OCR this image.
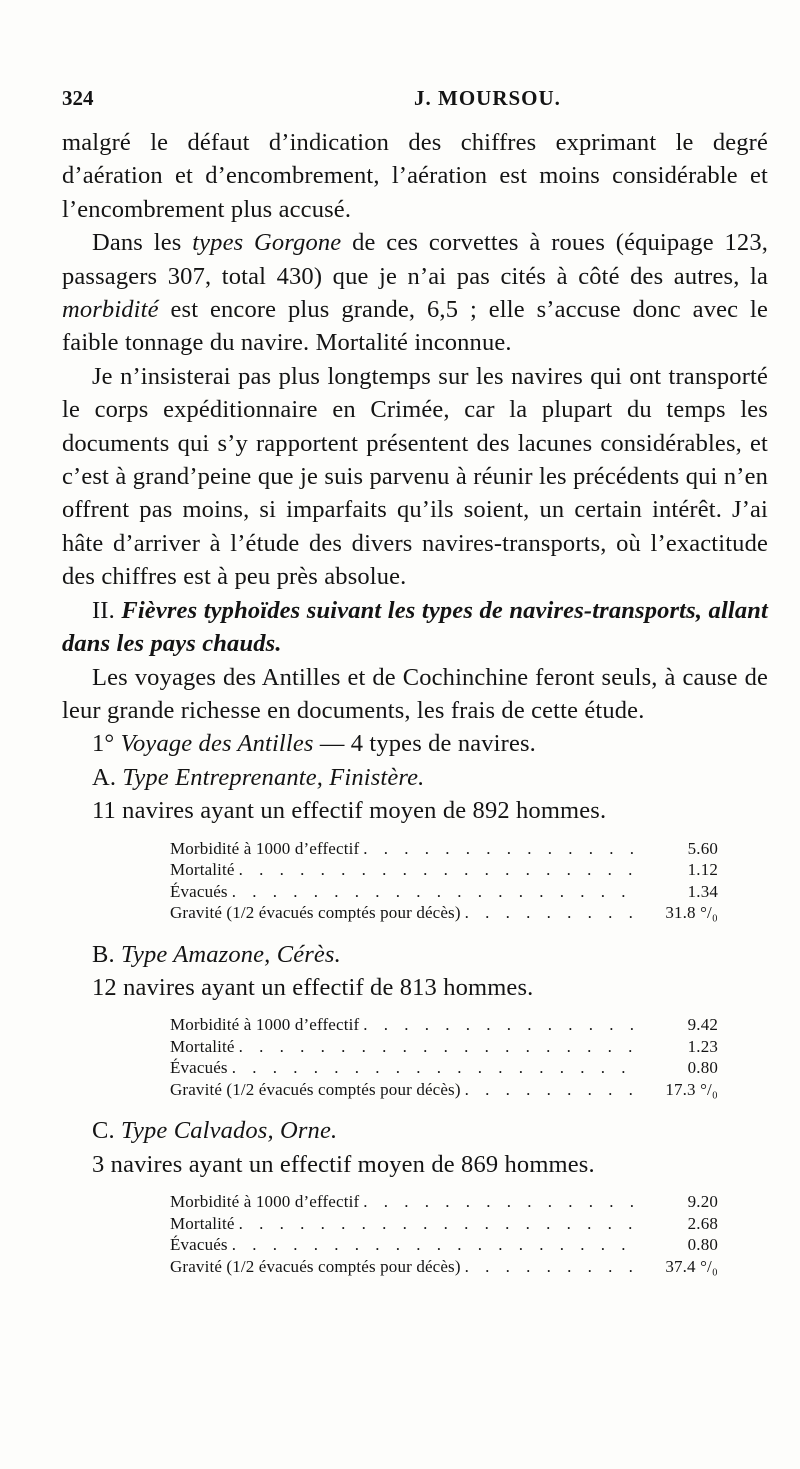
324	J. MOURSOU.

malgré le défaut d’indication des chiffres exprimant le degré d’aération et d’encombrement, l’aération est moins considérable et l’encombrement plus accusé.

Dans les types Gorgone de ces corvettes à roues (équipage 123, passagers 307, total 430) que je n’ai pas cités à côté des autres, la morbidité est encore plus grande, 6,5 ; elle s’accuse donc avec le faible tonnage du navire. Mortalité inconnue.

Je n’insisterai pas plus longtemps sur les navires qui ont transporté le corps expéditionnaire en Crimée, car la plupart du temps les documents qui s’y rapportent présentent des lacunes considérables, et c’est à grand’peine que je suis parvenu à réunir les précédents qui n’en offrent pas moins, si imparfaits qu’ils soient, un certain intérêt. J’ai hâte d’arriver à l’étude des divers navires-transports, où l’exactitude des chiffres est à peu près absolue.

II. Fièvres typhoïdes suivant les types de navires-transports, allant dans les pays chauds.

Les voyages des Antilles et de Cochinchine feront seuls, à cause de leur grande richesse en documents, les frais de cette étude.

1° Voyage des Antilles — 4 types de navires.

A. Type Entreprenante, Finistère.

11 navires ayant un effectif moyen de 892 hommes.

Morbidité à 1000 d’effectif . . .	5.60
Mortalité . . .	1.12
Évacués . . .	1.34
Gravité (1/2 évacués comptés pour décès) . . .	31.8 °/₀

B. Type Amazone, Cérès.

12 navires ayant un effectif de 813 hommes.

Morbidité à 1000 d’effectif . . .	9.42
Mortalité . . .	1.23
Évacués . . .	0.80
Gravité (1/2 évacués comptés pour décès) . . .	17.3 °/₀

C. Type Calvados, Orne.

3 navires ayant un effectif moyen de 869 hommes.

Morbidité à 1000 d’effectif . . .	9.20
Mortalité . . .	2.68
Évacués . . .	0.80
Gravité (1/2 évacués comptés pour décès) . . .	37.4 °/₀
